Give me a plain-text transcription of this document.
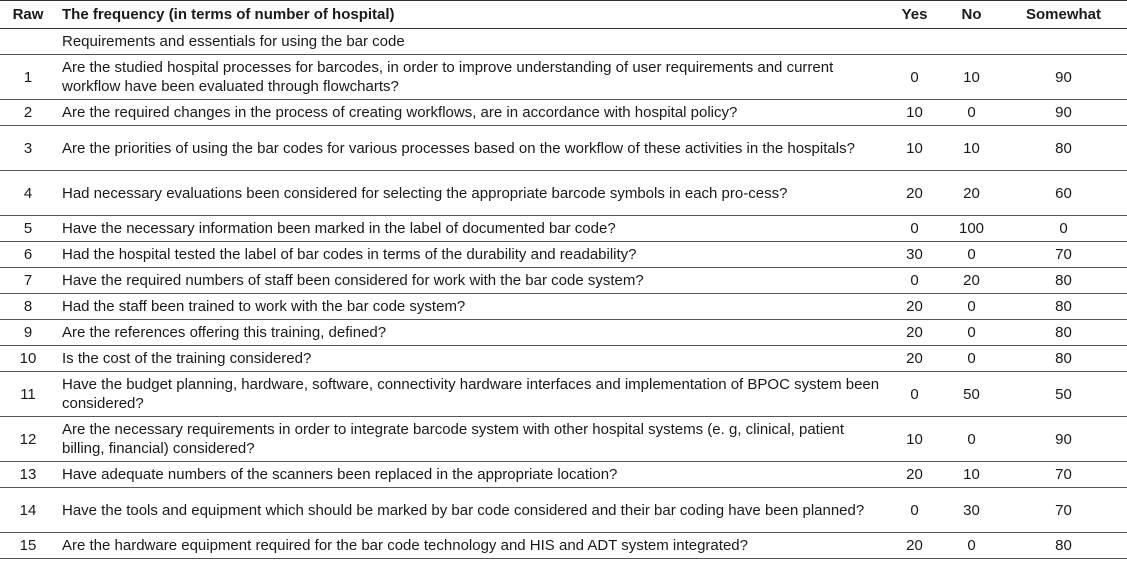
Raw	The frequency (in terms of number of hospital)	Yes	No	Somewhat
	Requirements and essentials for using the bar code			
1	Are the studied hospital processes for barcodes, in order to improve understanding of user requirements and current workflow have been evaluated through flowcharts?	0	10	90
2	Are the required changes in the process of creating workflows, are in accordance with hospital policy?	10	0	90
3	Are the priorities of using the bar codes for various processes based on the workflow of these activities in the hospitals?	10	10	80
4	Had necessary evaluations been considered for selecting the appropriate barcode symbols in each pro-cess?	20	20	60
5	Have the necessary information been marked in the label of documented bar code?	0	100	0
6	Had the hospital tested the label of bar codes in terms of the durability and readability?	30	0	70
7	Have the required numbers of staff been considered for work with the bar code system?	0	20	80
8	Had the staff been trained to work with the bar code system?	20	0	80
9	Are the references offering this training, defined?	20	0	80
10	Is the cost of the training considered?	20	0	80
11	Have the budget planning, hardware, software, connectivity hardware interfaces and implementation of BPOC system been considered?	0	50	50
12	Are the necessary requirements in order to integrate barcode system with other hospital systems (e. g, clinical, patient billing, financial) considered?	10	0	90
13	Have adequate numbers of the scanners been replaced in the appropriate location?	20	10	70
14	Have the tools and equipment which should be marked by bar code considered and their bar coding have been planned?	0	30	70
15	Are the hardware equipment required for the bar code technology and HIS and ADT system integrated?	20	0	80
